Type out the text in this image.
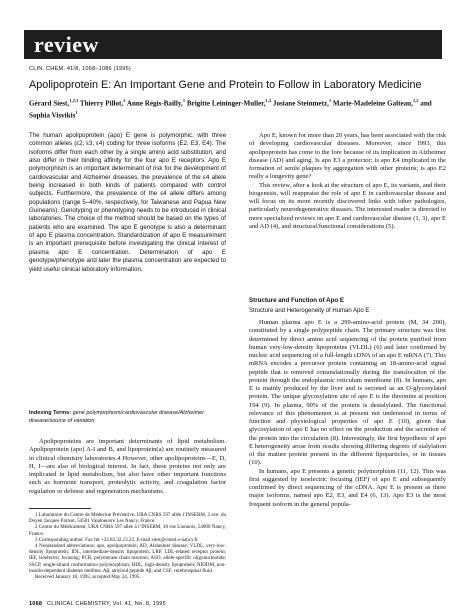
review
CLIN. CHEM. 41/8, 1068–1086 (1995)
Apolipoprotein E: An Important Gene and Protein to Follow in Laboratory Medicine
Gérard Siest,$^{1,2,3}$ Thierry Pillot,$^2$ Anne Régis-Bailly,$^1$ Brigitte Leininger-Muller,$^{1,2}$ Josiane Steinmetz,$^1$ Marie-Madeleine Galteau,$^{1,2}$ and Sophia Visvikis$^1$
The human apolipoprotein (apo) E gene is polymorphic, with three common alleles (ε2, ε3, ε4) coding for three isoforms (E2, E3, E4). The isoforms differ from each other by a single amino acid substitution, and also differ in their binding affinity for the four apo E receptors. Apo E polymorphism is an important determinant of risk for the development of cardiovascular and Alzheimer diseases, the prevalence of the ε4 allele being increased in both kinds of patients compared with control subjects. Furthermore, the prevalence of the ε4 allele differs among populations (range 5–40%, respectively, for Taiwanese and Papua New Guineans). Genotyping or phenotyping needs to be introduced in clinical laboratories. The choice of the method should be based on the types of patients who are examined. The apo E genotype is also a determinant of apo E plasma concentration. Standardization of apo E measurement is an important prerequisite before investigating the clinical interest of plasma apo E concentration. Determination of apo E genotype/phenotype and later the plasma concentration are expected to yield useful clinical laboratory information.
Indexing Terms: gene polymorphism/cardiovascular disease/Alzheimer disease/source of variation

Apolipoproteins are important determinants of lipid metabolism. Apolipoprotein (apo) A-I and B, and lipoprotein(a) are routinely measured in clinical chemistry laboratories.4 However, other apolipoproteins—E, D, H, J—are also of biological interest. In fact, these proteins not only are implicated in lipid metabolism, but also have other important functions such as hormone transport, proteolytic activity, and coagulation factor regulation or defense and regeneration mechanisms.

1 Laboratoire du Centre de Médecine Préventive, URA CNRS 597 allée l’INSERM, 2 ave. du Doyen Jacques Parisot, 54501 Vandoeuvre Les Nancy, France.

2 Centre du Médicament, URA CNRS 597 allée à l’INSERM, 30 rue Lionnois, 54000 Nancy, France.

3 Corresponding author. Fax Int +33.83.32.13.22. E-mail siest@cmed.u-nancy.fr.

4 Nonstandard abbreviations: apo, apolipoprotein; AD, Alzheimer disease; VLDL, very-low-density lipoprotein; IDL, intermediate-density lipoprotein; LRP, LDL-related receptor protein; IEF, isoelectric focusing; PCR, polymerase chain reaction; ASO, allele-specific oligonucleotide; SSCP, single-strand conformation polymorphism; HDL, high-density lipoprotein; NIDDM, non-insulin-dependent diabetes mellitus; Aβ, amyloid peptide Aβ; and CSF, cerebrospinal fluid.

Received January 18, 1995; accepted May 24, 1995.

Apo E, known for more than 20 years, has been associated with the risk of developing cardiovascular diseases. Moreover, since 1993, this apolipoprotein has come to the fore because of its implication in Alzheimer disease (AD) and aging. Is apo E3 a protector; is apo E4 implicated in the formation of senile plaques by aggregation with other proteins; is apo E2 really a longevity gene?

This review, after a look at the structure of apo E, its variants, and their biogenesis, will reappraise the role of apo E in cardiovascular disease and will focus on its more recently discovered links with other pathologies, particularly neurodegenerative diseases. The interested reader is directed to more specialized reviews on apo E and cardiovascular disease (1, 3), apo E and AD (4), and structural/functional considerations (5).

Structure and Function of Apo E
Structure and Heterogeneity of Human Apo E

Human plasma apo E is a 299-amino-acid protein (M, 34 200), constituted by a single polypeptide chain. The primary structure was first determined by direct amino acid sequencing of the protein purified from human very-low-density lipoproteins (VLDL) (6) and later confirmed by nucleic acid sequencing of a full-length cDNA of an apo E mRNA (7). This mRNA encodes a precursor protein containing an 18-amino-acid signal peptide that is removed cotranslationally during the translocation of the protein through the endoplasmic reticulum membrane (8). In humans, apo E is mainly produced by the liver and is secreted as an O-glycosylated protein. The unique glycosylation site of apo E is the threonine at position 194 (9). In plasma, 90% of the protein is desialylated. The functional relevance of this phenomenon is at present not understood in terms of function and physiological properties of apo E (10), given that glycosylation of apo E has no effect on the production and the secretion of the protein into the circulation (8). Interestingly, the first hypothesis of apo E heterogeneity arose from results showing differing degrees of sialylation of the mature protein present in the different lipoparticles, or in tissues (10).

In humans, apo E presents a genetic polymorphism (11, 12). This was first suggested by isoelectric focusing (IEF) of apo E and subsequently confirmed by direct sequencing of the cDNA. Apo E is present as three major isoforms, named apo E2, E3, and E4 (6, 13). Apo E3 is the most frequent isoform in the general popula-

1068 CLINICAL CHEMISTRY, Vol. 41, No. 8, 1995
